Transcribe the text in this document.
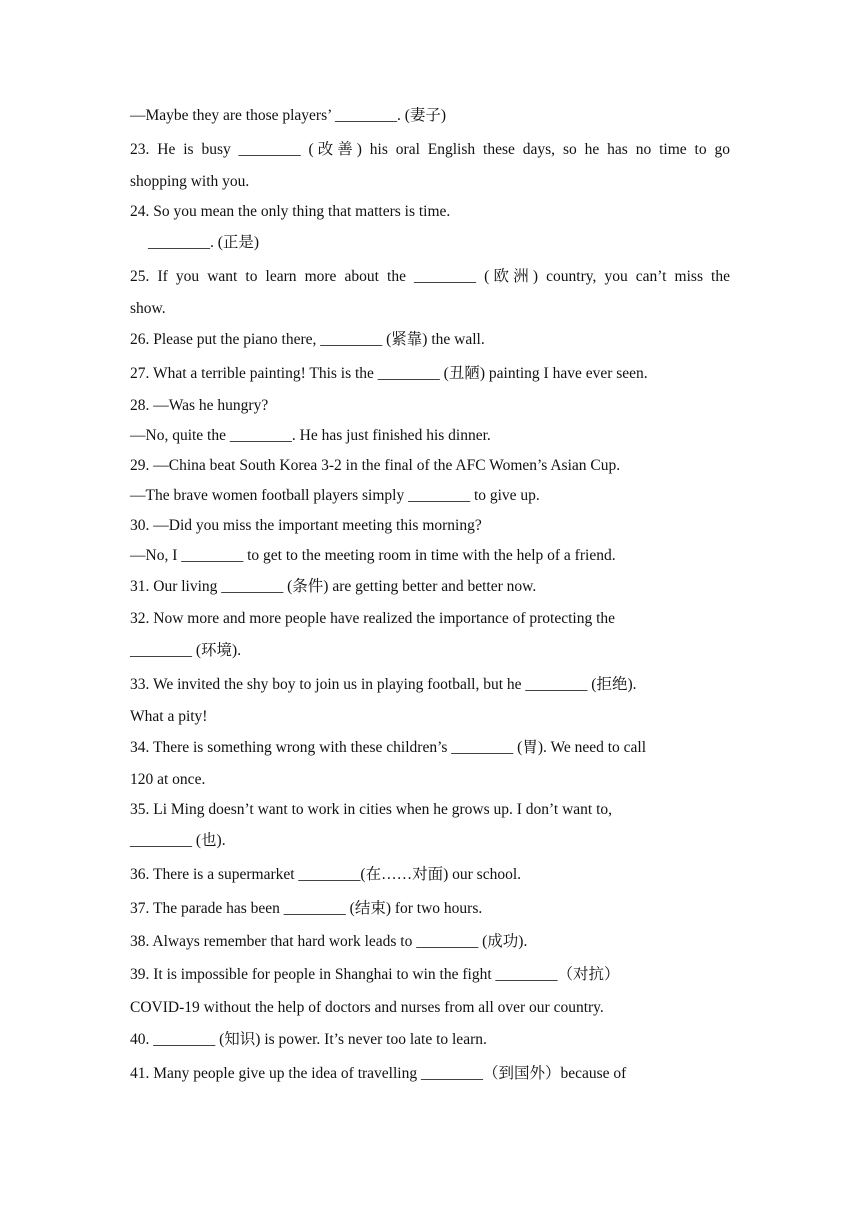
—Maybe they are those players’ ________. (妻子)
23. He is busy ________ (改善) his oral English these days, so he has no time to go
shopping with you.
24. So you mean the only thing that matters is time.
________. (正是)
25. If you want to learn more about the ________ (欧洲) country, you can’t miss the
show.
26. Please put the piano there, ________ (紧靠) the wall.
27. What a terrible painting! This is the ________ (丑陋) painting I have ever seen.
28. —Was he hungry?
—No, quite the ________. He has just finished his dinner.
29. —China beat South Korea 3-2 in the final of the AFC Women’s Asian Cup.
—The brave women football players simply ________ to give up.
30. —Did you miss the important meeting this morning?
—No, I ________ to get to the meeting room in time with the help of a friend.
31. Our living ________ (条件) are getting better and better now.
32. Now more and more people have realized the importance of protecting the
________ (环境).
33. We invited the shy boy to join us in playing football, but he ________ (拒绝).
What a pity!
34. There is something wrong with these children’s ________ (胃). We need to call
120 at once.
35. Li Ming doesn’t want to work in cities when he grows up. I don’t want to,
________ (也).
36. There is a supermarket ________(在……对面) our school.
37. The parade has been ________ (结束) for two hours.
38. Always remember that hard work leads to ________ (成功).
39. It is impossible for people in Shanghai to win the fight ________（对抗）
COVID-19 without the help of doctors and nurses from all over our country.
40. ________ (知识) is power. It’s never too late to learn.
41. Many people give up the idea of travelling ________（到国外）because of
